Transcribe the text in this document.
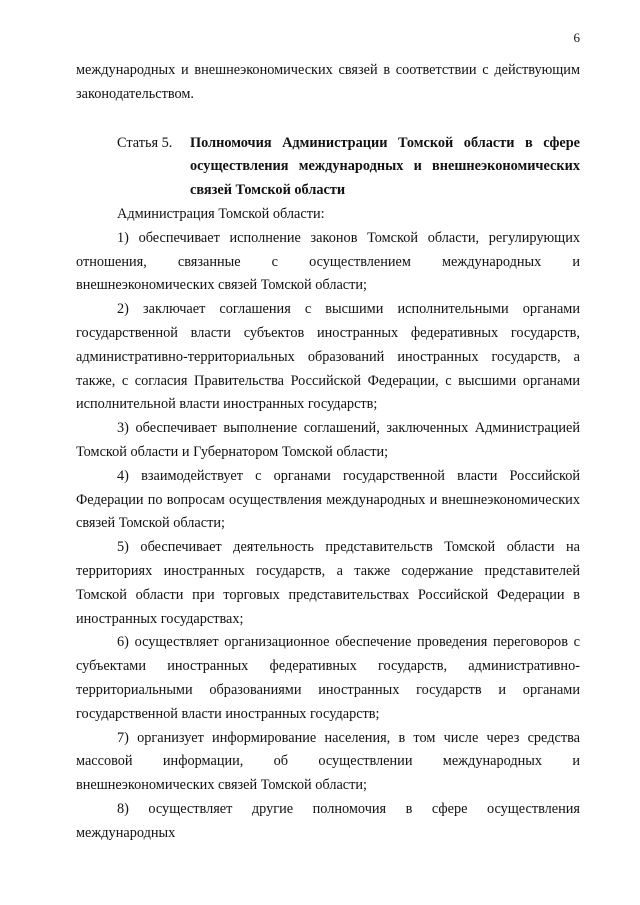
6

международных и внешнеэкономических связей в соответствии с действующим законодательством.

Статья 5.	Полномочия Администрации Томской области в сфере осуществления международных и внешнеэкономических связей Томской области

Администрация Томской области:

1) обеспечивает исполнение законов Томской области, регулирующих отношения, связанные с осуществлением международных и внешнеэкономических связей Томской области;

2) заключает соглашения с высшими исполнительными органами государственной власти субъектов иностранных федеративных государств, административно-территориальных образований иностранных государств, а также, с согласия Правительства Российской Федерации, с высшими органами исполнительной власти иностранных государств;

3) обеспечивает выполнение соглашений, заключенных Администрацией Томской области и Губернатором Томской области;

4) взаимодействует с органами государственной власти Российской Федерации по вопросам осуществления международных и внешнеэкономических связей Томской области;

5) обеспечивает деятельность представительств Томской области на территориях иностранных государств, а также содержание представителей Томской области при торговых представительствах Российской Федерации в иностранных государствах;

6) осуществляет организационное обеспечение проведения переговоров с субъектами иностранных федеративных государств, административно-территориальными образованиями иностранных государств и органами государственной власти иностранных государств;

7) организует информирование населения, в том числе через средства массовой информации, об осуществлении международных и внешнеэкономических связей Томской области;

8) осуществляет другие полномочия в сфере осуществления международных
